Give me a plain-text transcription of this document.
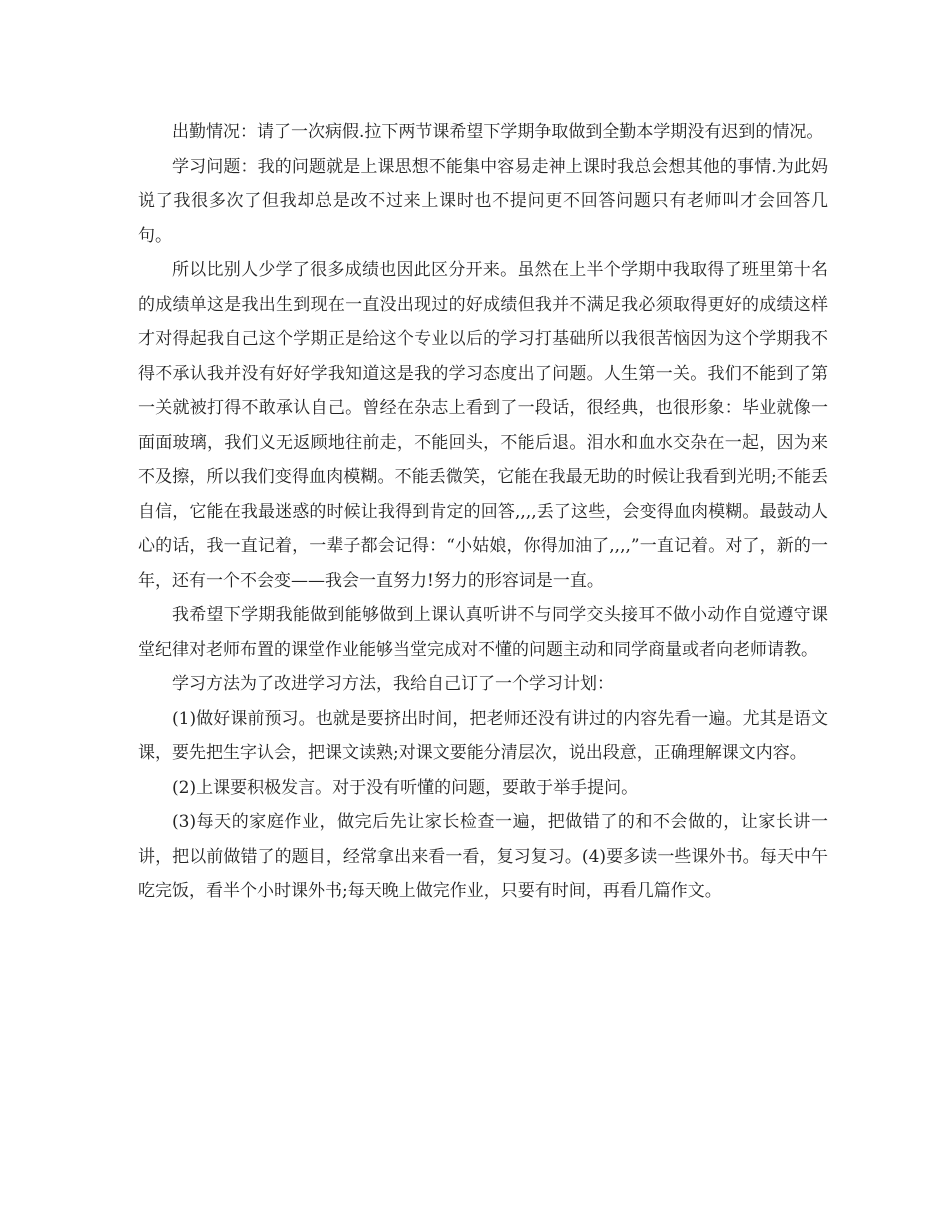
出勤情况：请了一次病假.拉下两节课希望下学期争取做到全勤本学期没有迟到的情况。

学习问题：我的问题就是上课思想不能集中容易走神上课时我总会想其他的事情.为此妈说了我很多次了但我却总是改不过来上课时也不提问更不回答问题只有老师叫才会回答几句。

所以比别人少学了很多成绩也因此区分开来。虽然在上半个学期中我取得了班里第十名的成绩单这是我出生到现在一直没出现过的好成绩但我并不满足我必须取得更好的成绩这样才对得起我自己这个学期正是给这个专业以后的学习打基础所以我很苦恼因为这个学期我不得不承认我并没有好好学我知道这是我的学习态度出了问题。人生第一关。我们不能到了第一关就被打得不敢承认自己。曾经在杂志上看到了一段话，很经典，也很形象：毕业就像一面面玻璃，我们义无返顾地往前走，不能回头，不能后退。泪水和血水交杂在一起，因为来不及擦，所以我们变得血肉模糊。不能丢微笑，它能在我最无助的时候让我看到光明;不能丢自信，它能在我最迷惑的时候让我得到肯定的回答,,,,丢了这些，会变得血肉模糊。最鼓动人心的话，我一直记着，一辈子都会记得：“小姑娘，你得加油了,,,,”一直记着。对了，新的一年，还有一个不会变——我会一直努力!努力的形容词是一直。

我希望下学期我能做到能够做到上课认真听讲不与同学交头接耳不做小动作自觉遵守课堂纪律对老师布置的课堂作业能够当堂完成对不懂的问题主动和同学商量或者向老师请教。

学习方法为了改进学习方法，我给自己订了一个学习计划：

(1)做好课前预习。也就是要挤出时间，把老师还没有讲过的内容先看一遍。尤其是语文课，要先把生字认会，把课文读熟;对课文要能分清层次，说出段意，正确理解课文内容。

(2)上课要积极发言。对于没有听懂的问题，要敢于举手提问。

(3)每天的家庭作业，做完后先让家长检查一遍，把做错了的和不会做的，让家长讲一讲，把以前做错了的题目，经常拿出来看一看，复习复习。(4)要多读一些课外书。每天中午吃完饭，看半个小时课外书;每天晚上做完作业，只要有时间，再看几篇作文。
